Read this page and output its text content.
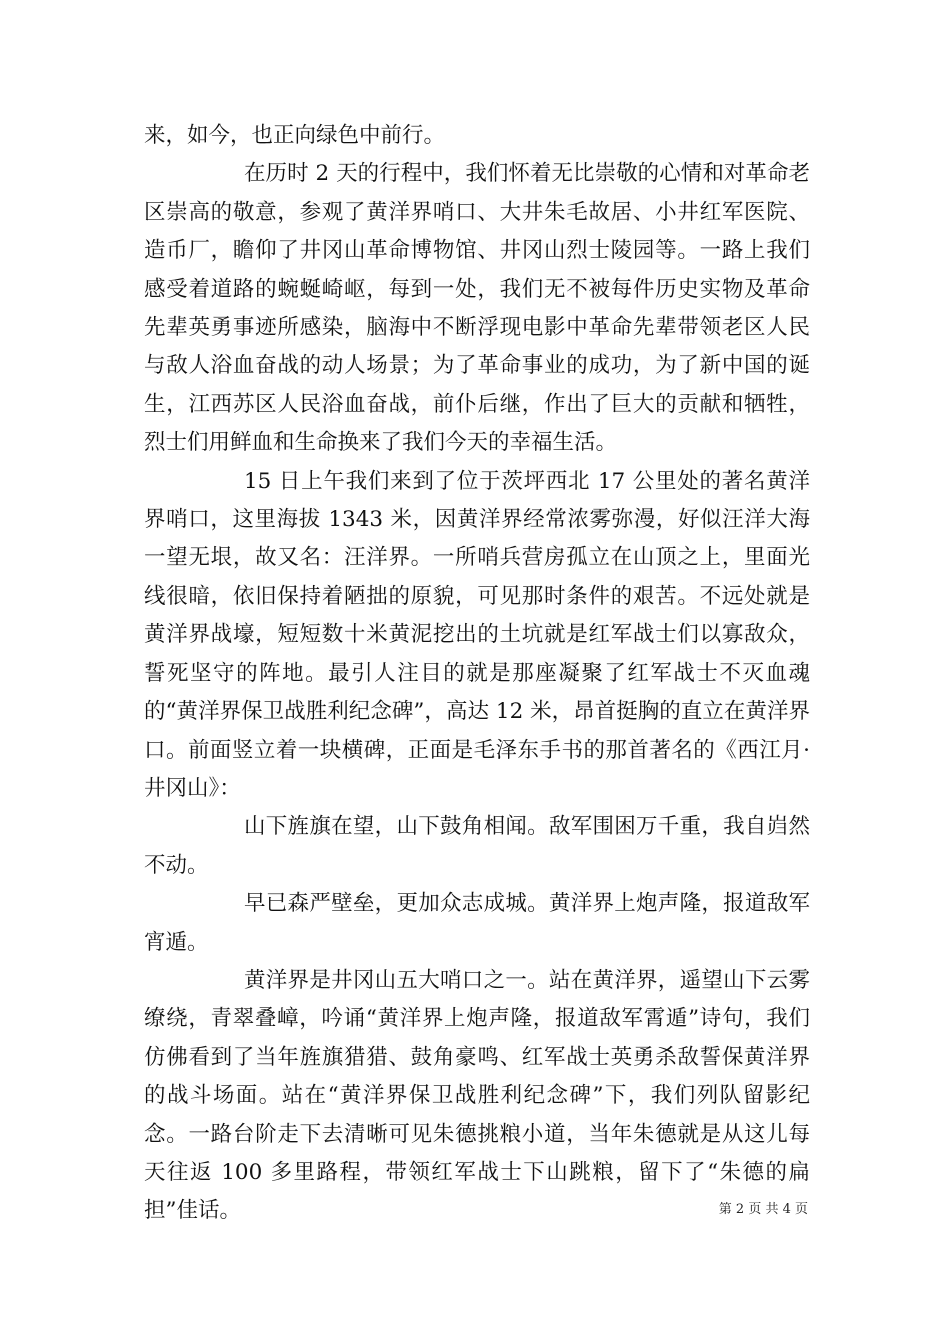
来，如今，也正向绿色中前行。

在历时 2 天的行程中，我们怀着无比崇敬的心情和对革命老区崇高的敬意，参观了黄洋界哨口、大井朱毛故居、小井红军医院、造币厂，瞻仰了井冈山革命博物馆、井冈山烈士陵园等。一路上我们感受着道路的蜿蜒崎岖，每到一处，我们无不被每件历史实物及革命先辈英勇事迹所感染，脑海中不断浮现电影中革命先辈带领老区人民与敌人浴血奋战的动人场景；为了革命事业的成功，为了新中国的诞生，江西苏区人民浴血奋战，前仆后继，作出了巨大的贡献和牺牲，烈士们用鲜血和生命换来了我们今天的幸福生活。

15 日上午我们来到了位于茨坪西北 17 公里处的著名黄洋界哨口，这里海拔 1343 米，因黄洋界经常浓雾弥漫，好似汪洋大海一望无垠，故又名：汪洋界。一所哨兵营房孤立在山顶之上，里面光线很暗，依旧保持着陋拙的原貌，可见那时条件的艰苦。不远处就是黄洋界战壕，短短数十米黄泥挖出的土坑就是红军战士们以寡敌众，誓死坚守的阵地。最引人注目的就是那座凝聚了红军战士不灭血魂的“黄洋界保卫战胜利纪念碑”，高达 12 米，昂首挺胸的直立在黄洋界口。前面竖立着一块横碑，正面是毛泽东手书的那首著名的《西江月·井冈山》：

山下旌旗在望，山下鼓角相闻。敌军围困万千重，我自岿然不动。

早已森严壁垒，更加众志成城。黄洋界上炮声隆，报道敌军宵遁。

黄洋界是井冈山五大哨口之一。站在黄洋界，遥望山下云雾缭绕，青翠叠嶂，吟诵“黄洋界上炮声隆，报道敌军霄遁”诗句，我们仿佛看到了当年旌旗猎猎、鼓角豪鸣、红军战士英勇杀敌誓保黄洋界的战斗场面。站在“黄洋界保卫战胜利纪念碑”下，我们列队留影纪念。一路台阶走下去清晰可见朱德挑粮小道，当年朱德就是从这儿每天往返 100 多里路程，带领红军战士下山跳粮，留下了“朱德的扁担”佳话。	第 2 页 共 4 页
